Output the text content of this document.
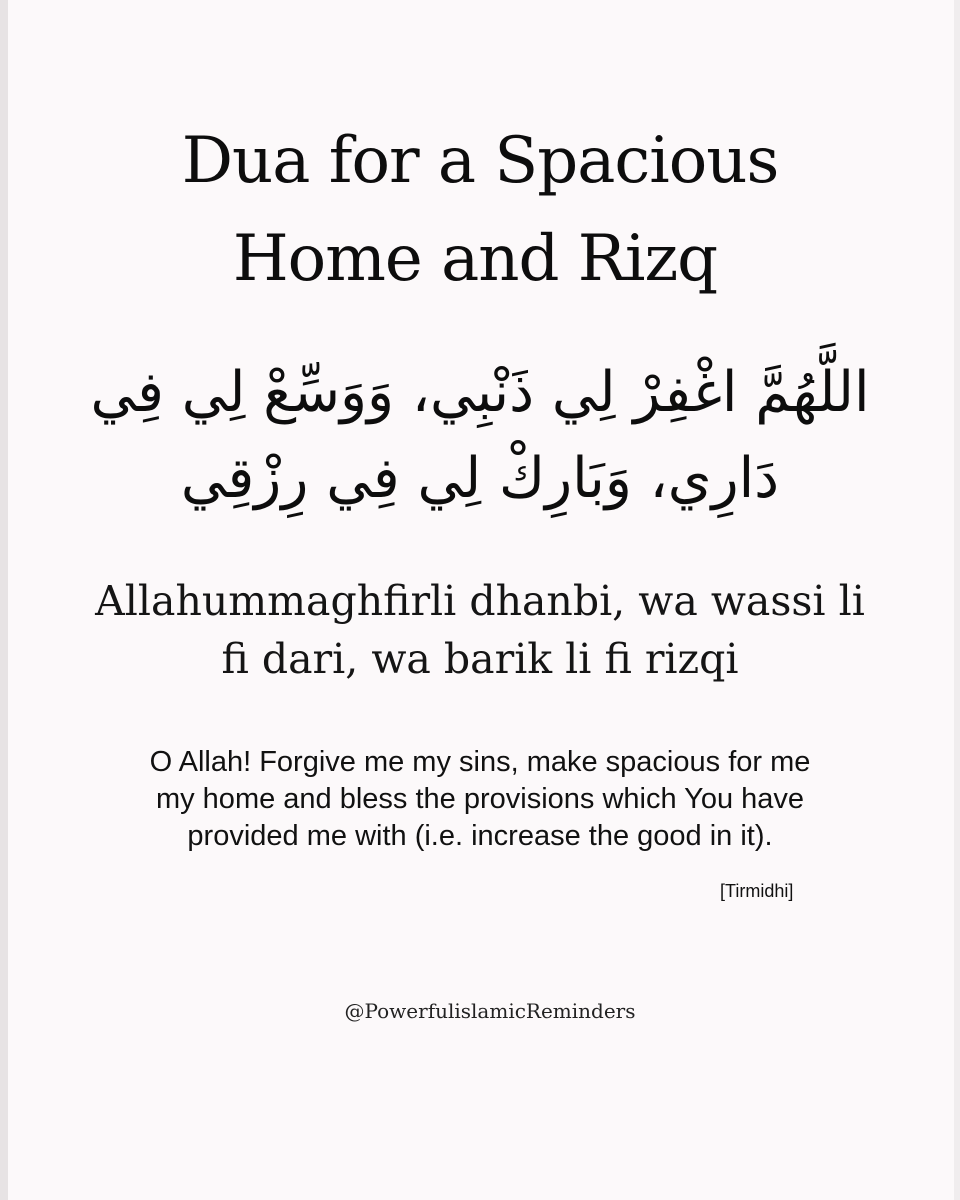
Dua for a Spacious
Home and Rizq
اللَّهُمَّ اغْفِرْ لِي ذَنْبِي، وَوَسِّعْ لِي فِي
دَارِي، وَبَارِكْ لِي فِي رِزْقِي
Allahummaghfirli dhanbi, wa wassi li
fi dari, wa barik li fi rizqi
O Allah! Forgive me my sins, make spacious for me
my home and bless the provisions which You have
provided me with (i.e. increase the good in it).
[Tirmidhi]
@PowerfulislamicReminders
